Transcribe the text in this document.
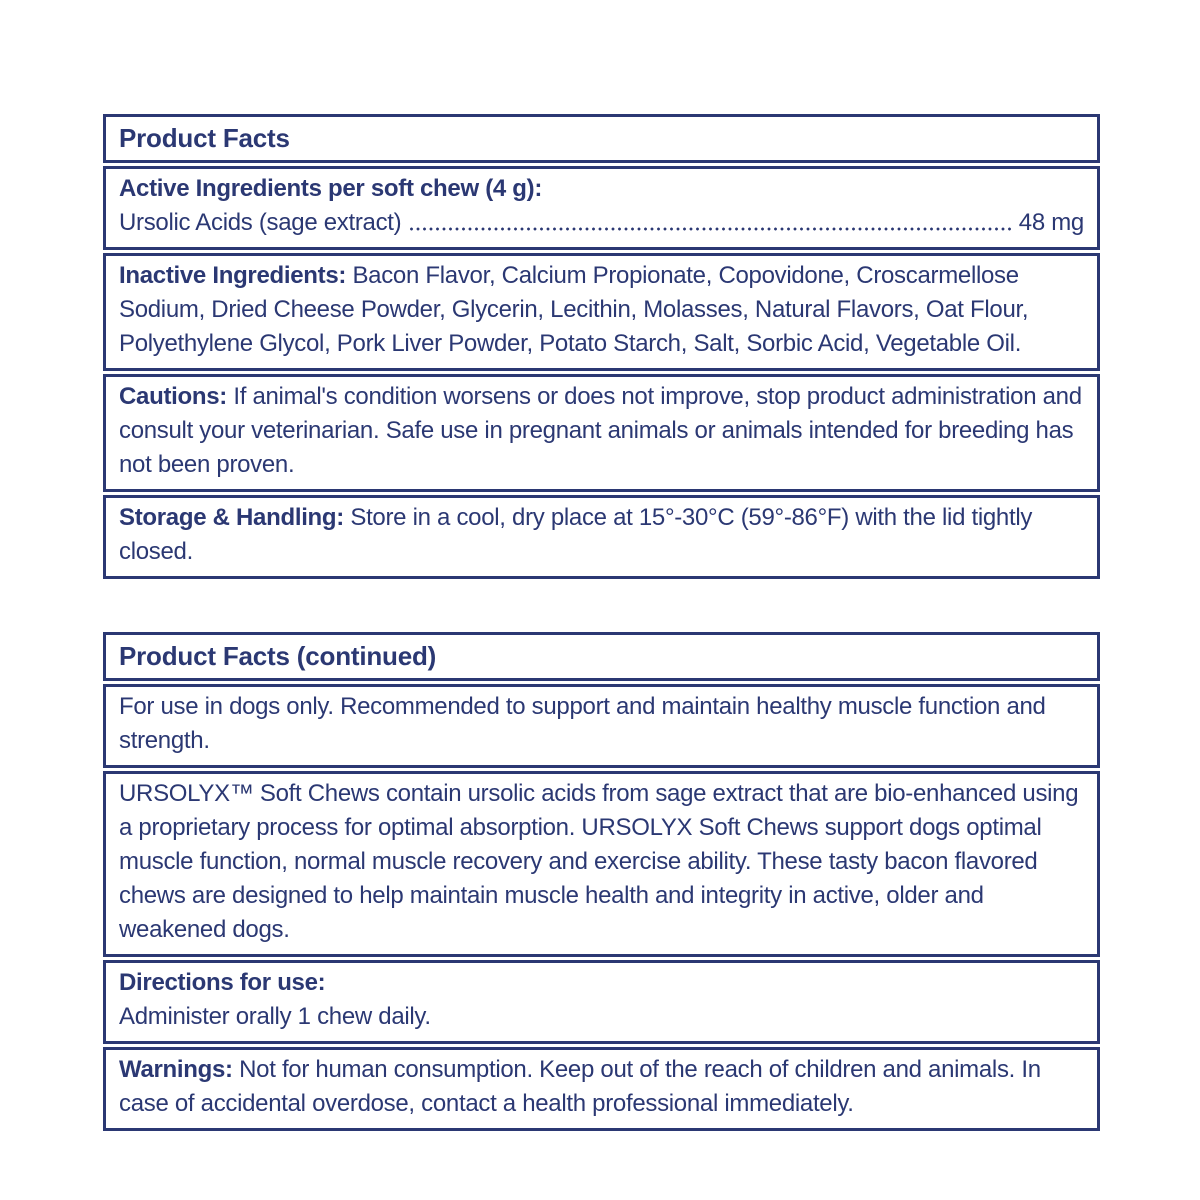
Product Facts

Active Ingredients per soft chew (4 g):

Ursolic Acids (sage extract)	48 mg

Inactive Ingredients: Bacon Flavor, Calcium Propionate, Copovidone, Croscarmellose Sodium, Dried Cheese Powder, Glycerin, Lecithin, Molasses, Natural Flavors, Oat Flour, Polyethylene Glycol, Pork Liver Powder, Potato Starch, Salt, Sorbic Acid, Vegetable Oil.

Cautions: If animal's condition worsens or does not improve, stop product administration and consult your veterinarian. Safe use in pregnant animals or animals intended for breeding has not been proven.

Storage & Handling: Store in a cool, dry place at 15°-30°C (59°-86°F) with the lid tightly closed.

Product Facts (continued)

For use in dogs only. Recommended to support and maintain healthy muscle function and strength.

URSOLYX™ Soft Chews contain ursolic acids from sage extract that are bio-enhanced using a proprietary process for optimal absorption. URSOLYX Soft Chews support dogs optimal muscle function, normal muscle recovery and exercise ability. These tasty bacon flavored chews are designed to help maintain muscle health and integrity in active, older and weakened dogs.

Directions for use:

Administer orally 1 chew daily.

Warnings: Not for human consumption. Keep out of the reach of children and animals. In case of accidental overdose, contact a health professional immediately.
